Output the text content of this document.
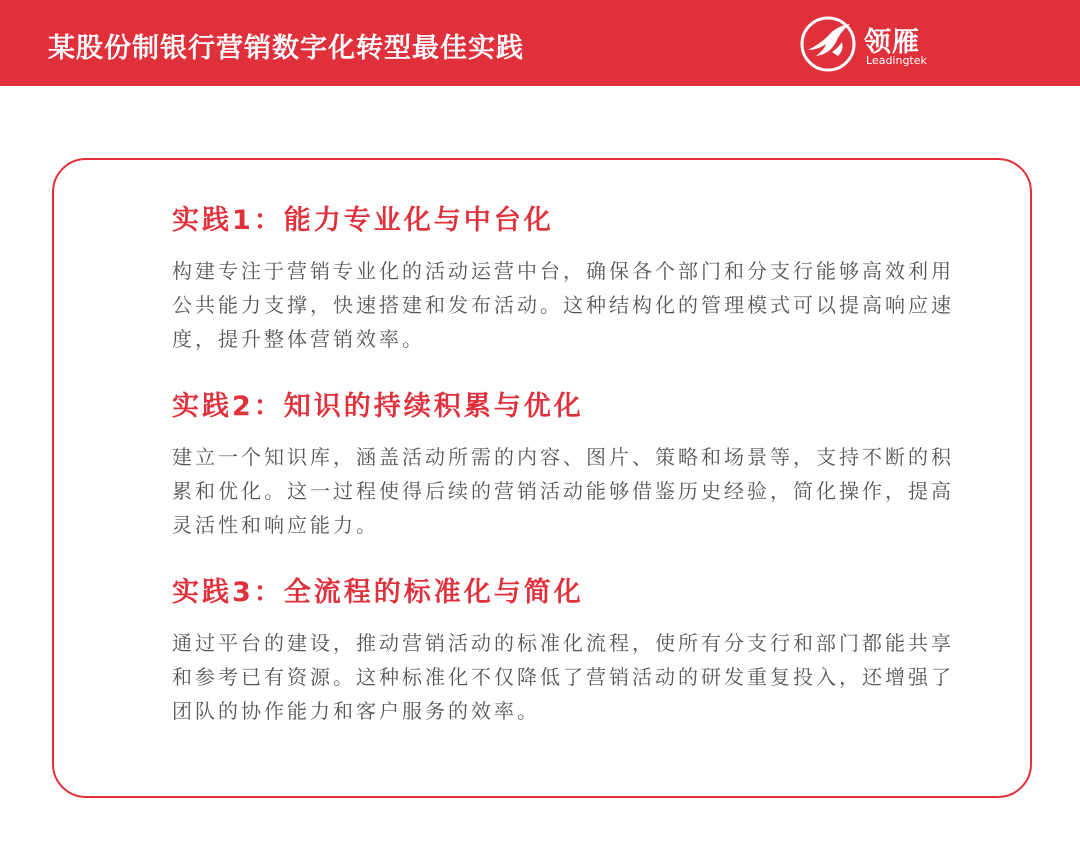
某股份制银行营销数字化转型最佳实践	领雁
Leadingtek
实践1：能力专业化与中台化

构建专注于营销专业化的活动运营中台，确保各个部门和分支行能够高效利用公共能力支撑，快速搭建和发布活动。这种结构化的管理模式可以提高响应速度，提升整体营销效率。

实践2：知识的持续积累与优化

建立一个知识库，涵盖活动所需的内容、图片、策略和场景等，支持不断的积累和优化。这一过程使得后续的营销活动能够借鉴历史经验，简化操作，提高灵活性和响应能力。

实践3：全流程的标准化与简化

通过平台的建设，推动营销活动的标准化流程，使所有分支行和部门都能共享和参考已有资源。这种标准化不仅降低了营销活动的研发重复投入，还增强了团队的协作能力和客户服务的效率。
